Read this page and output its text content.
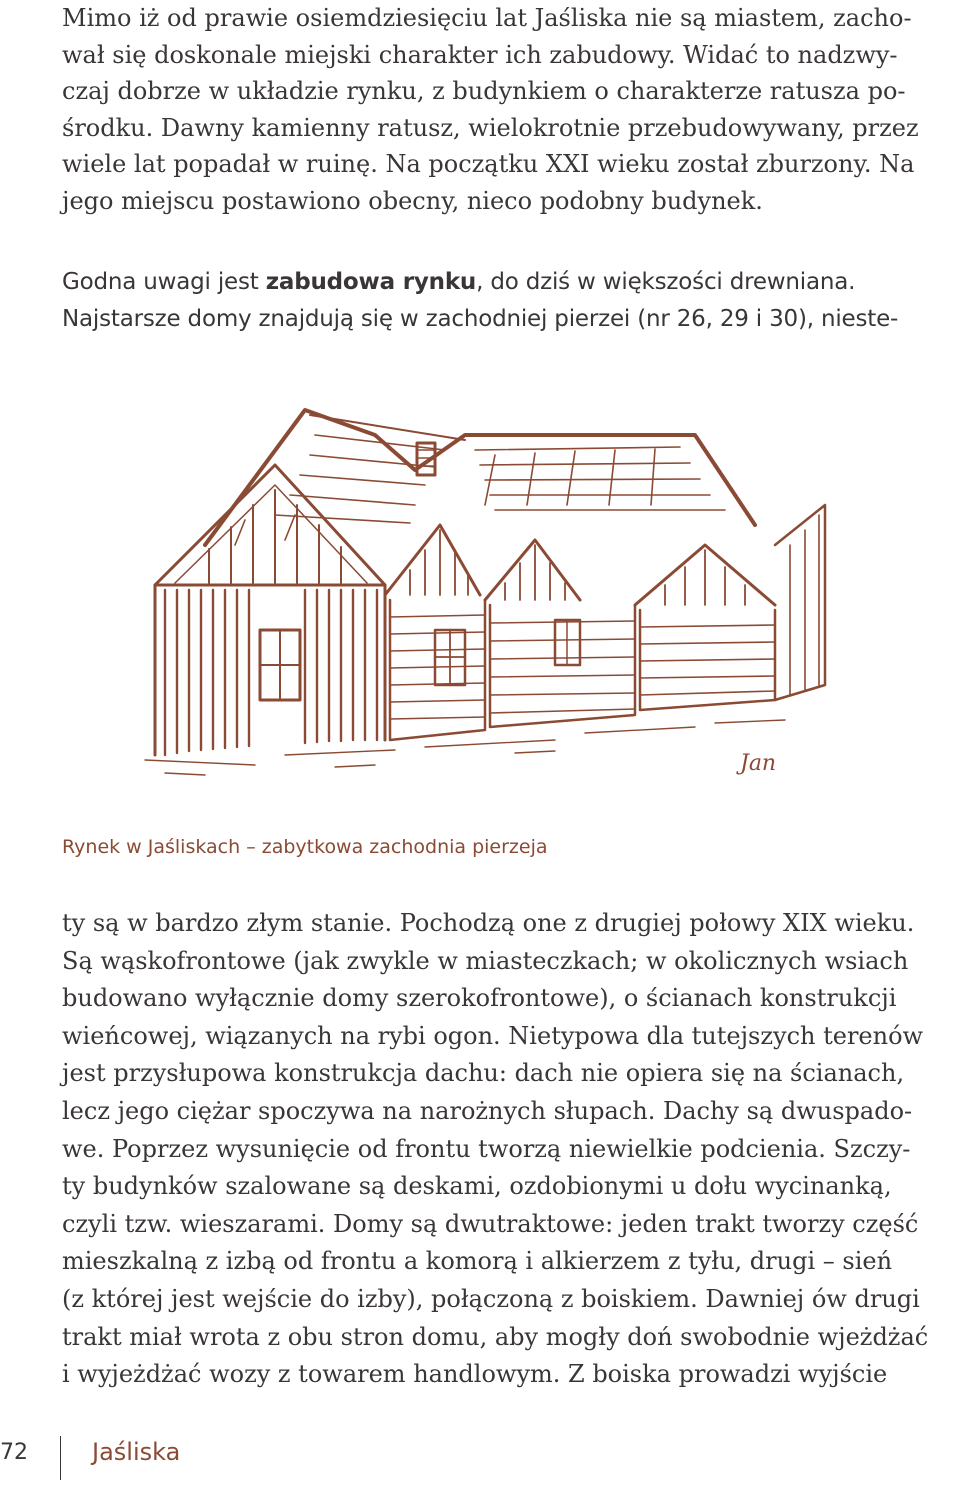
Mimo iż od prawie osiemdziesięciu lat Jaśliska nie są miastem, zacho-
wał się doskonale miejski charakter ich zabudowy. Widać to nadzwy-
czaj dobrze w układzie rynku, z budynkiem o charakterze ratusza po-
środku. Dawny kamienny ratusz, wielokrotnie przebudowywany, przez
wiele lat popadał w ruinę. Na początku XXI wieku został zburzony. Na
jego miejscu postawiono obecny, nieco podobny budynek.
Godna uwagi jest zabudowa rynku, do dziś w większości drewniana.
Najstarsze domy znajdują się w zachodniej pierzei (nr 26, 29 i 30), nieste-
Jan
Rynek w Jaśliskach – zabytkowa zachodnia pierzeja
ty są w bardzo złym stanie. Pochodzą one z drugiej połowy XIX wieku.
Są wąskofrontowe (jak zwykle w miasteczkach; w okolicznych wsiach
budowano wyłącznie domy szerokofrontowe), o ścianach konstrukcji
wieńcowej, wiązanych na rybi ogon. Nietypowa dla tutejszych terenów
jest przysłupowa konstrukcja dachu: dach nie opiera się na ścianach,
lecz jego ciężar spoczywa na narożnych słupach. Dachy są dwuspado-
we. Poprzez wysunięcie od frontu tworzą niewielkie podcienia. Szczy-
ty budynków szalowane są deskami, ozdobionymi u dołu wycinanką,
czyli tzw. wieszarami. Domy są dwutraktowe: jeden trakt tworzy część
mieszkalną z izbą od frontu a komorą i alkierzem z tyłu, drugi – sień
(z której jest wejście do izby), połączoną z boiskiem. Dawniej ów drugi
trakt miał wrota z obu stron domu, aby mogły doń swobodnie wjeżdżać
i wyjeżdżać wozy z towarem handlowym. Z boiska prowadzi wyjście
72	Jaśliska
